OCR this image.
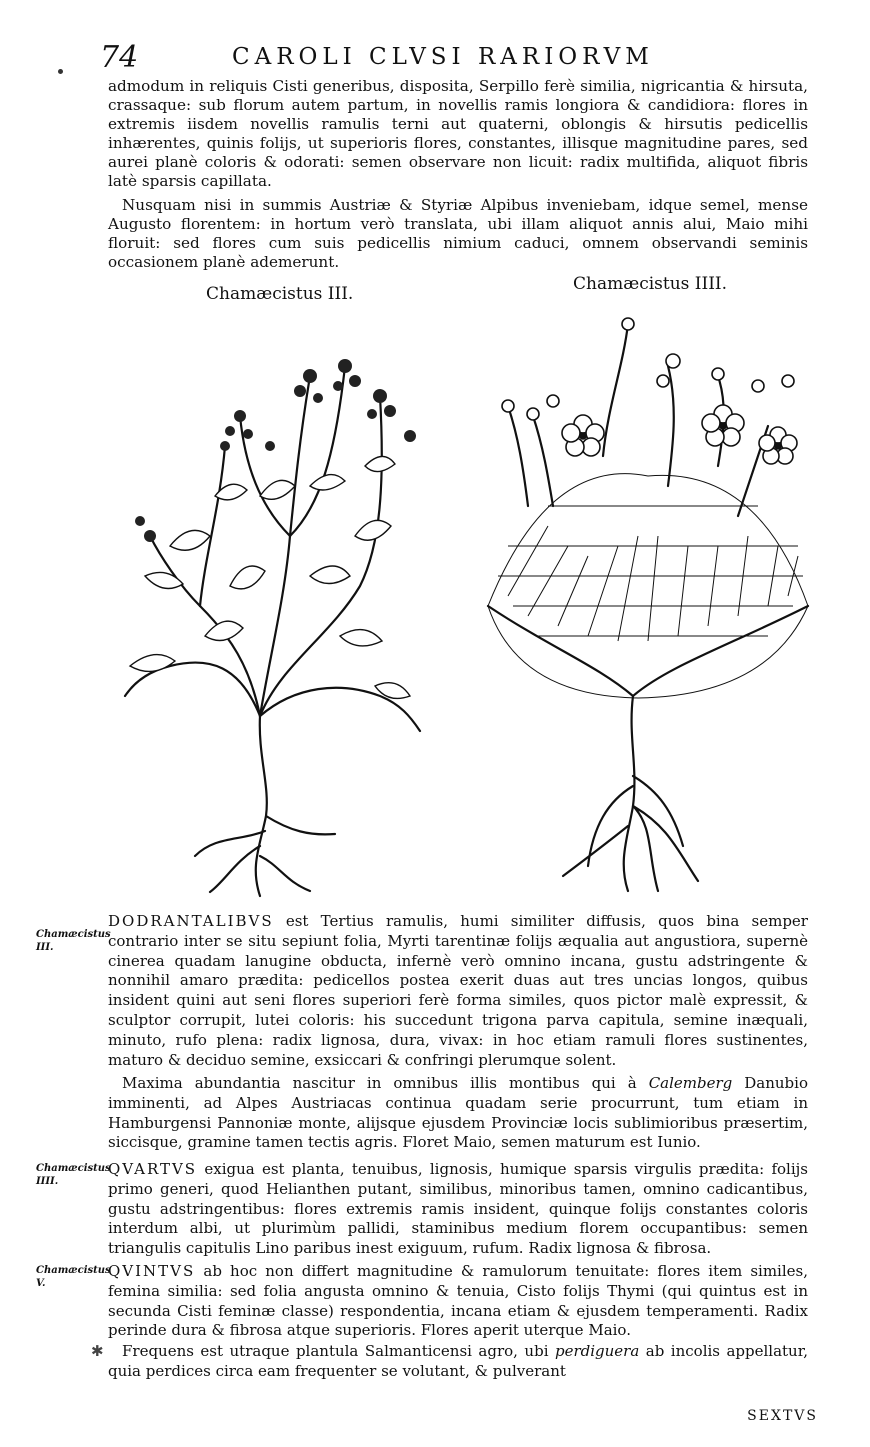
74	CAROLI CLVSI RARIORVM

admodum in reliquis Cisti generibus, disposita, Serpillo ferè similia, nigricantia & hirsuta, crassaque: sub florum autem partum, in novellis ramis longiora & candidiora: flores in extremis iisdem novellis ramulis terni aut quaterni, oblongis & hirsutis pedicellis inhærentes, quinis folijs, ut superioris flores, constantes, illisque magnitudine pares, sed aurei planè coloris & odorati: semen observare non licuit: radix multifida, aliquot fibris latè sparsis capillata.

Nusquam nisi in summis Austriæ & Styriæ Alpibus inveniebam, idque semel, mense Augusto florentem: in hortum verò translata, ubi illam aliquot annis alui, Maio mihi floruit: sed flores cum suis pedicellis nimium caduci, omnem observandi seminis occasionem planè ademerunt.

Chamæcistus III.	Chamæcistus IIII.
Chamæcistus
III.
Chamæcistus
IIII.
Chamæcistus
V.

DODRANTALIBVS est Tertius ramulis, humi similiter diffusis, quos bina semper contrario inter se situ sepiunt folia, Myrti tarentinæ folijs æqualia aut angustiora, supernè cinerea quadam lanugine obducta, infernè verò omnino incana, gustu adstringente & nonnihil amaro prædita: pedicellos postea exerit duas aut tres uncias longos, quibus insident quini aut seni flores superiori ferè forma similes, quos pictor malè expressit, & sculptor corrupit, lutei coloris: his succedunt trigona parva capitula, semine inæquali, minuto, rufo plena: radix lignosa, dura, vivax: in hoc etiam ramuli flores sustinentes, maturo & deciduo semine, exsiccari & confringi plerumque solent.

Maxima abundantia nascitur in omnibus illis montibus qui à Calemberg Danubio imminenti, ad Alpes Austriacas continua quadam serie procurrunt, tum etiam in Hamburgensi Pannoniæ monte, alijsque ejusdem Provinciæ locis sublimioribus præsertim, siccisque, gramine tamen tectis agris. Floret Maio, semen maturum est Iunio.

QVARTVS exigua est planta, tenuibus, lignosis, humique sparsis virgulis prædita: folijs primo generi, quod Helianthen putant, similibus, minoribus tamen, omnino cadicantibus, gustu adstringentibus: flores extremis ramis insident, quinque folijs constantes coloris interdum albi, ut plurimùm pallidi, staminibus medium florem occupantibus: semen triangulis capitulis Lino paribus inest exiguum, rufum. Radix lignosa & fibrosa.

QVINTVS ab hoc non differt magnitudine & ramulorum tenuitate: flores item similes, femina similia: sed folia angusta omnino & tenuia, Cisto folijs Thymi (qui quintus est in secunda Cisti feminæ classe) respondentia, incana etiam & ejusdem temperamenti. Radix perinde dura & fibrosa atque superioris. Flores aperit uterque Maio.

✱	Frequens est utraque plantula Salmanticensi agro, ubi perdiguera ab incolis appellatur, quia perdices circa eam frequenter se volutant, & pulverant

SEXTVS
